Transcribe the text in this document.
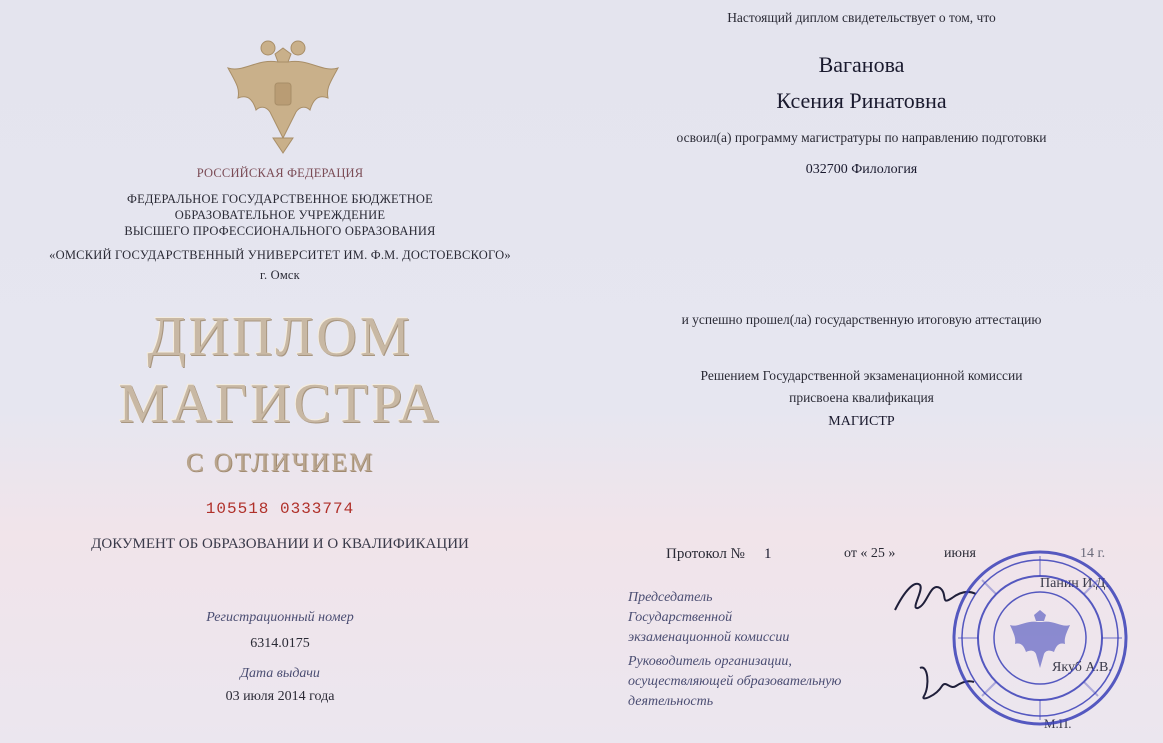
РОССИЙСКАЯ ФЕДЕРАЦИЯ
ФЕДЕРАЛЬНОЕ ГОСУДАРСТВЕННОЕ БЮДЖЕТНОЕ
ОБРАЗОВАТЕЛЬНОЕ УЧРЕЖДЕНИЕ
ВЫСШЕГО ПРОФЕССИОНАЛЬНОГО ОБРАЗОВАНИЯ
«ОМСКИЙ ГОСУДАРСТВЕННЫЙ УНИВЕРСИТЕТ ИМ. Ф.М. ДОСТОЕВСКОГО»
г. Омск
ДИПЛОМ
МАГИСТРА
С ОТЛИЧИЕМ
105518 0333774
ДОКУМЕНТ ОБ ОБРАЗОВАНИИ И О КВАЛИФИКАЦИИ
Регистрационный номер
6314.0175
Дата выдачи
03 июля 2014 года
Настоящий диплом свидетельствует о том, что
Ваганова
Ксения Ринатовна
освоил(а) программу магистратуры по направлению подготовки
032700 Филология
и успешно прошел(ла) государственную итоговую аттестацию
Решением Государственной экзаменационной комиссии
присвоена квалификация
МАГИСТР
Протокол № 1	от « 25 »	июня	14 г.
Председатель
Государственной
экзаменационной комиссии
Панин И.Д.
Руководитель организации,
осуществляющей образовательную
деятельность
Якуб А.В.
М.П.
